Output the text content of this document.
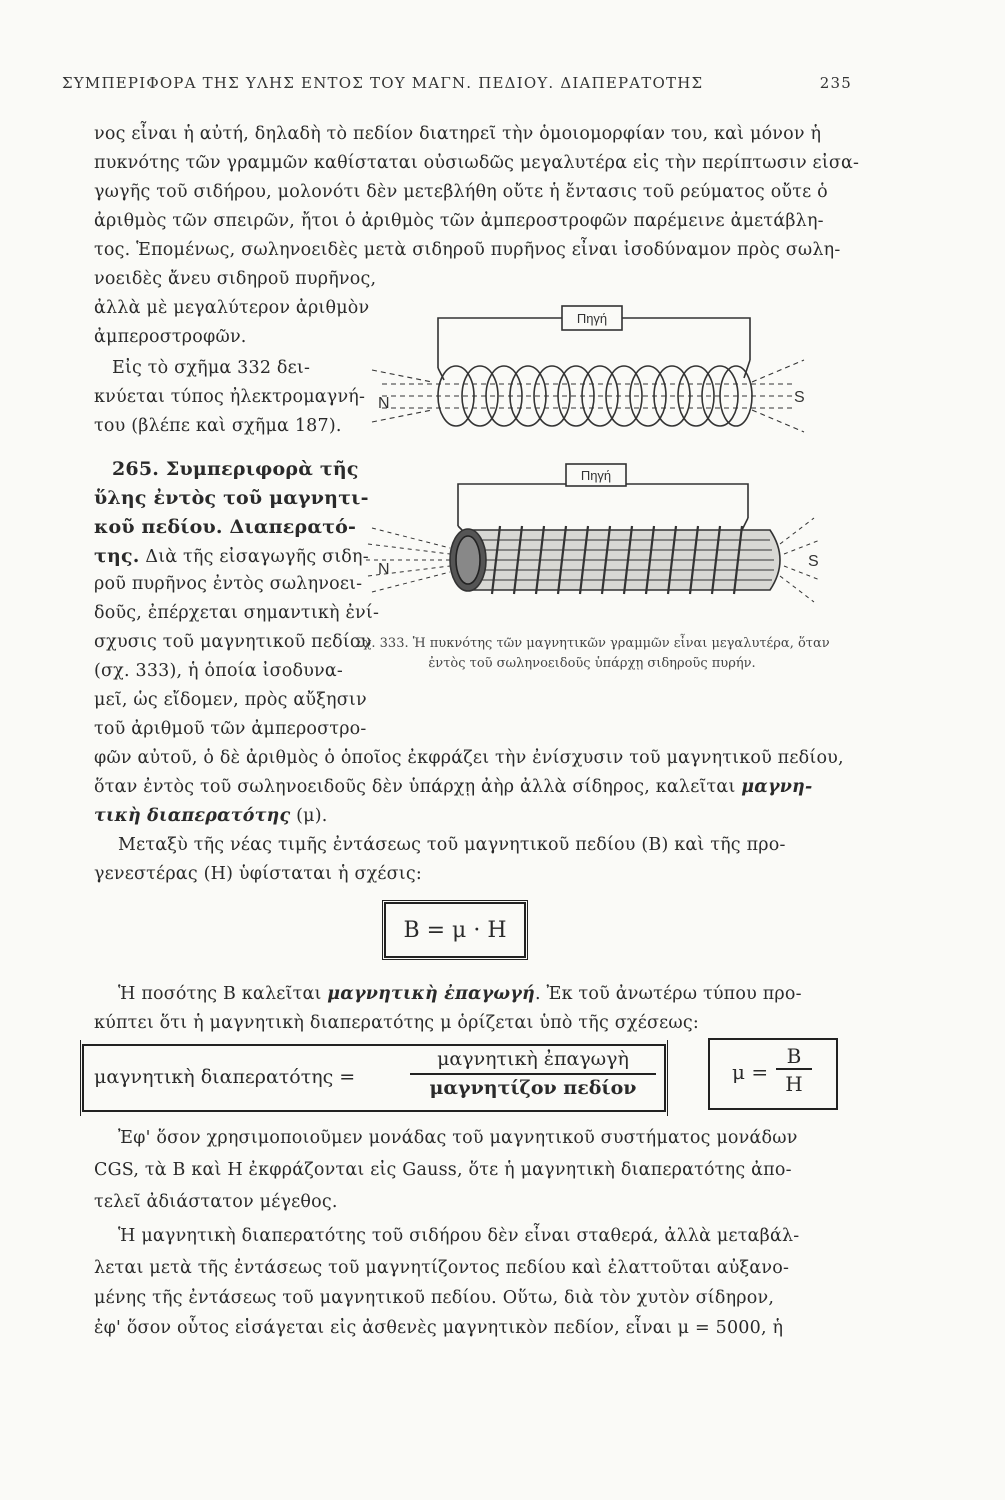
ΣΥΜΠΕΡΙΦΟΡΑ ΤΗΣ ΥΛΗΣ ΕΝΤΟΣ ΤΟΥ ΜΑΓΝ. ΠΕΔΙΟΥ. ΔΙΑΠΕΡΑΤΟΤΗΣ	235
νος εἶναι ἡ αὐτή, δηλαδὴ τὸ πεδίον διατηρεῖ τὴν ὁμοιομορφίαν του, καὶ μόνον ἡ
πυκνότης τῶν γραμμῶν καθίσταται οὐσιωδῶς μεγαλυτέρα εἰς τὴν περίπτωσιν εἰσα-
γωγῆς τοῦ σιδήρου, μολονότι δὲν μετεβλήθη οὔτε ἡ ἔντασις τοῦ ρεύματος οὔτε ὁ
ἀριθμὸς τῶν σπειρῶν, ἤτοι ὁ ἀριθμὸς τῶν ἀμπεροστροφῶν παρέμεινε ἀμετάβλη-
τος. Ἑπομένως, σωληνοειδὲς μετὰ σιδηροῦ πυρῆνος εἶναι ἰσοδύναμον πρὸς σωλη-
νοειδὲς ἄνευ σιδηροῦ πυρῆνος,
ἀλλὰ μὲ μεγαλύτερον ἀριθμὸν
ἀμπεροστροφῶν.
Εἰς τὸ σχῆμα 332 δει-
κνύεται τύπος ἠλεκτρομαγνή-
του (βλέπε καὶ σχῆμα 187).
265. Συμπεριφορὰ τῆς
ὕλης ἐντὸς τοῦ μαγνητι-
κοῦ πεδίου. Διαπερατό-
της. Διὰ τῆς εἰσαγωγῆς σιδη-
ροῦ πυρῆνος ἐντὸς σωληνοει-
δοῦς, ἐπέρχεται σημαντικὴ ἐνί-
σχυσις τοῦ μαγνητικοῦ πεδίου
(σχ. 333), ἡ ὁποία ἰσοδυνα-
μεῖ, ὡς εἴδομεν, πρὸς αὔξησιν
τοῦ ἀριθμοῦ τῶν ἀμπεροστρο-
Πηγή
Πηγή
N	S
N	S
Σχ. 333. Ἡ πυκνότης τῶν μαγνητικῶν γραμμῶν εἶναι μεγαλυτέρα, ὅταν ἐντὸς τοῦ σωληνοειδοῦς ὑπάρχῃ σιδηροῦς πυρήν.
φῶν αὐτοῦ, ὁ δὲ ἀριθμὸς ὁ ὁποῖος ἐκφράζει τὴν ἐνίσχυσιν τοῦ μαγνητικοῦ πεδίου,
ὅταν ἐντὸς τοῦ σωληνοειδοῦς δὲν ὑπάρχῃ ἀὴρ ἀλλὰ σίδηρος, καλεῖται μαγνη-
τικὴ διαπερατότης (μ).
Μεταξὺ τῆς νέας τιμῆς ἐντάσεως τοῦ μαγνητικοῦ πεδίου (B) καὶ τῆς προ-
γενεστέρας (H) ὑφίσταται ἡ σχέσις:
B = μ · H
Ἡ ποσότης B καλεῖται μαγνητικὴ ἐπαγωγή. Ἐκ τοῦ ἀνωτέρω τύπου προ-
κύπτει ὅτι ἡ μαγνητικὴ διαπερατότης μ ὁρίζεται ὑπὸ τῆς σχέσεως:
μαγνητικὴ διαπερατότης =
μαγνητικὴ ἐπαγωγὴ
μαγνητίζον πεδίον
$\mu = \frac{B}{H}$
Ἐφ' ὅσον χρησιμοποιοῦμεν μονάδας τοῦ μαγνητικοῦ συστήματος μονάδων
CGS, τὰ B καὶ H ἐκφράζονται εἰς Gauss, ὅτε ἡ μαγνητικὴ διαπερατότης ἀπο-
τελεῖ ἀδιάστατον μέγεθος.
Ἡ μαγνητικὴ διαπερατότης τοῦ σιδήρου δὲν εἶναι σταθερά, ἀλλὰ μεταβάλ-
λεται μετὰ τῆς ἐντάσεως τοῦ μαγνητίζοντος πεδίου καὶ ἐλαττοῦται αὐξανο-
μένης τῆς ἐντάσεως τοῦ μαγνητικοῦ πεδίου. Οὕτω, διὰ τὸν χυτὸν σίδηρον,
ἐφ' ὅσον οὗτος εἰσάγεται εἰς ἀσθενὲς μαγνητικὸν πεδίον, εἶναι μ = 5000, ἡ
